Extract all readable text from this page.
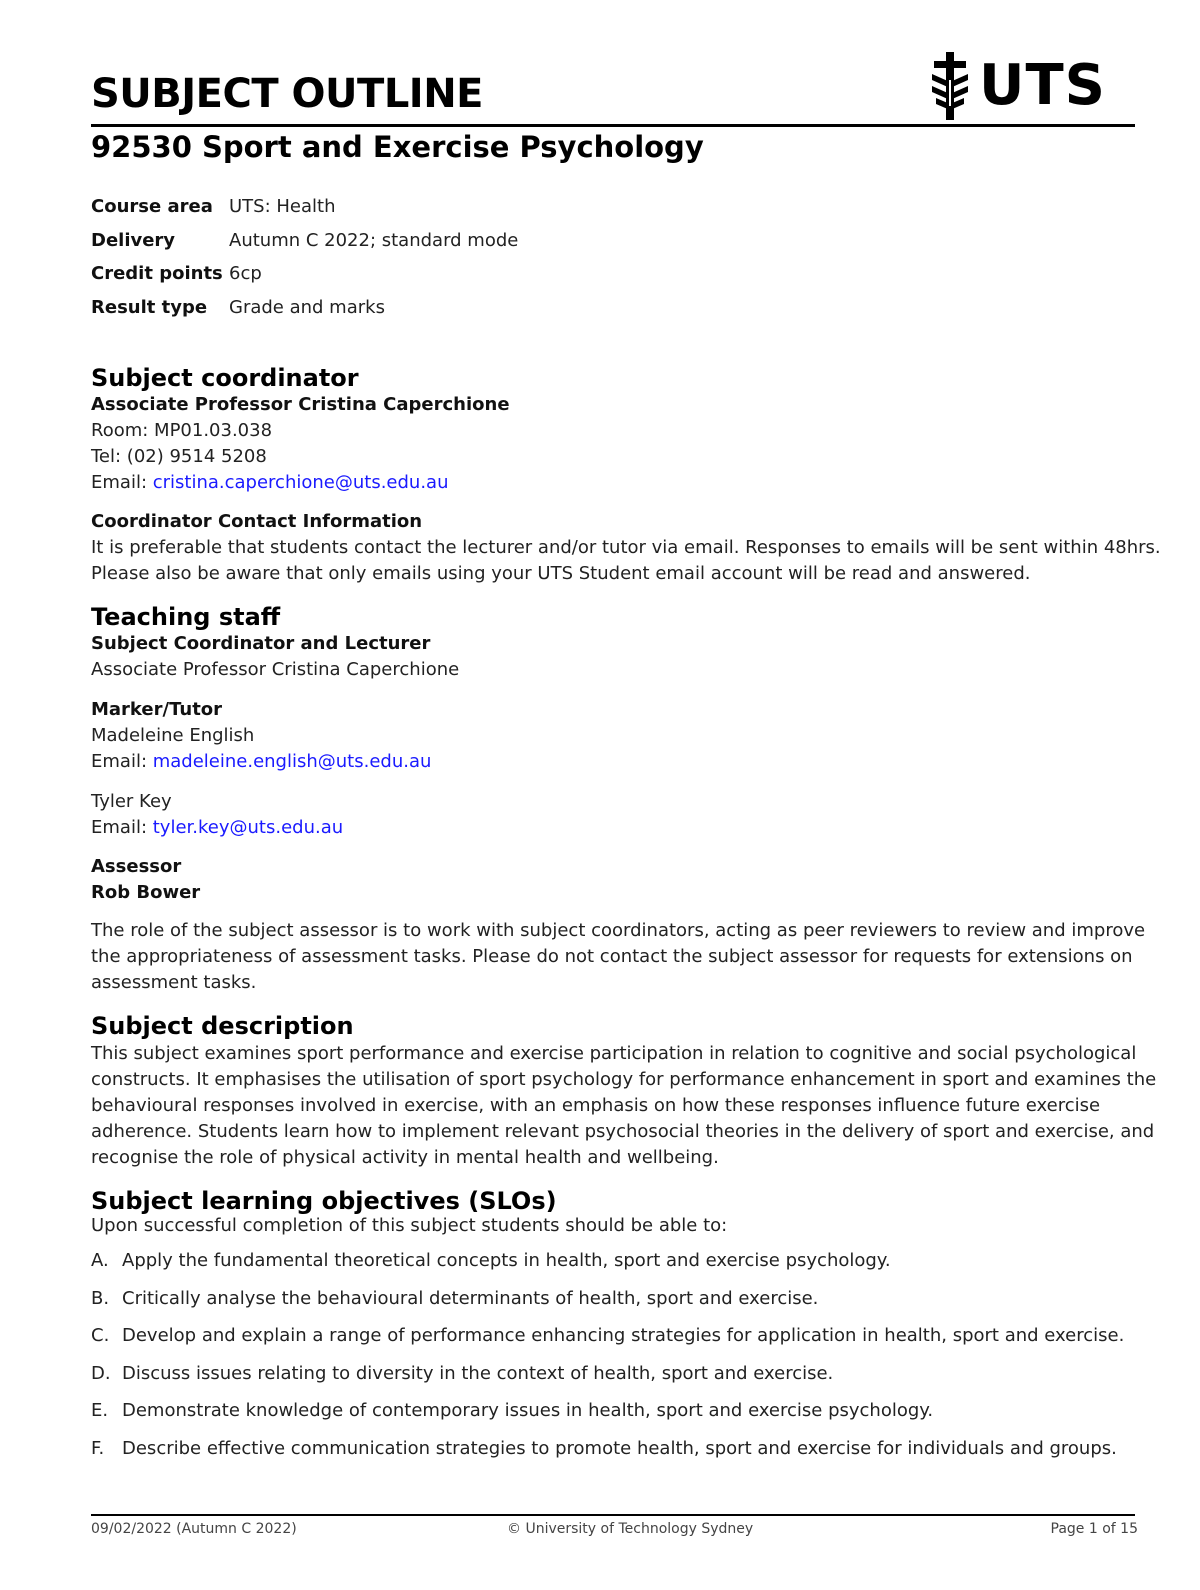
SUBJECT OUTLINE	UTS
92530 Sport and Exercise Psychology
Course area UTS: Health
Delivery	Autumn C 2022; standard mode
Credit points 6cp
Result type Grade and marks
Subject coordinator
Associate Professor Cristina Caperchione
Room: MP01.03.038
Tel: (02) 9514 5208
Email: cristina.caperchione@uts.edu.au
Coordinator Contact Information
It is preferable that students contact the lecturer and/or tutor via email. Responses to emails will be sent within 48hrs.
Please also be aware that only emails using your UTS Student email account will be read and answered.
Teaching staff
Subject Coordinator and Lecturer
Associate Professor Cristina Caperchione
Marker/Tutor
Madeleine English
Email: madeleine.english@uts.edu.au
Tyler Key
Email: tyler.key@uts.edu.au
Assessor
Rob Bower
The role of the subject assessor is to work with subject coordinators, acting as peer reviewers to review and improve
the appropriateness of assessment tasks. Please do not contact the subject assessor for requests for extensions on
assessment tasks.
Subject description
This subject examines sport performance and exercise participation in relation to cognitive and social psychological
constructs. It emphasises the utilisation of sport psychology for performance enhancement in sport and examines the
behavioural responses involved in exercise, with an emphasis on how these responses influence future exercise
adherence. Students learn how to implement relevant psychosocial theories in the delivery of sport and exercise, and
recognise the role of physical activity in mental health and wellbeing.
Subject learning objectives (SLOs)
Upon successful completion of this subject students should be able to:
A. Apply the fundamental theoretical concepts in health, sport and exercise psychology.
B. Critically analyse the behavioural determinants of health, sport and exercise.
C. Develop and explain a range of performance enhancing strategies for application in health, sport and exercise.
D. Discuss issues relating to diversity in the context of health, sport and exercise.
E. Demonstrate knowledge of contemporary issues in health, sport and exercise psychology.
F. Describe effective communication strategies to promote health, sport and exercise for individuals and groups.
09/02/2022 (Autumn C 2022)	© University of Technology Sydney	Page 1 of 15
